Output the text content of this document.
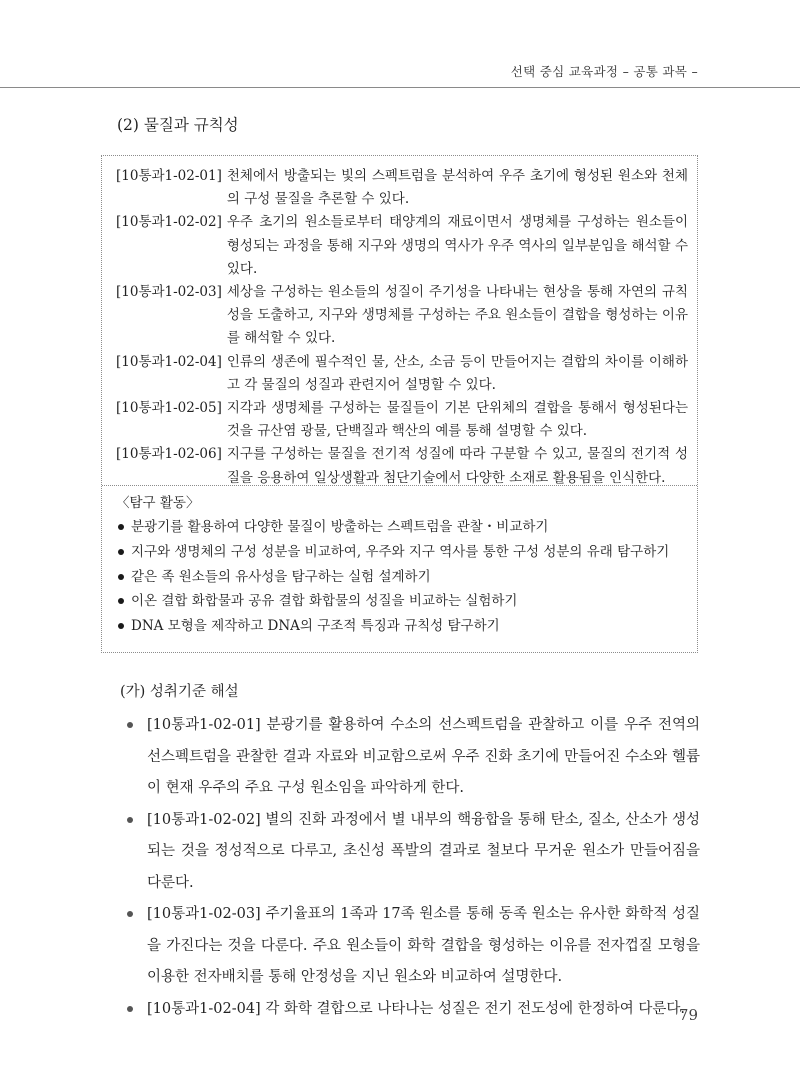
선택 중심 교육과정 – 공통 과목 –
(2) 물질과 규칙성
[10통과1-02-01] 천체에서 방출되는 빛의 스펙트럼을 분석하여 우주 초기에 형성된 원소와 천체의 구성 물질을 추론할 수 있다.
[10통과1-02-02] 우주 초기의 원소들로부터 태양계의 재료이면서 생명체를 구성하는 원소들이 형성되는 과정을 통해 지구와 생명의 역사가 우주 역사의 일부분임을 해석할 수 있다.
[10통과1-02-03] 세상을 구성하는 원소들의 성질이 주기성을 나타내는 현상을 통해 자연의 규칙성을 도출하고, 지구와 생명체를 구성하는 주요 원소들이 결합을 형성하는 이유를 해석할 수 있다.
[10통과1-02-04] 인류의 생존에 필수적인 물, 산소, 소금 등이 만들어지는 결합의 차이를 이해하고 각 물질의 성질과 관련지어 설명할 수 있다.
[10통과1-02-05] 지각과 생명체를 구성하는 물질들이 기본 단위체의 결합을 통해서 형성된다는 것을 규산염 광물, 단백질과 핵산의 예를 통해 설명할 수 있다.
[10통과1-02-06] 지구를 구성하는 물질을 전기적 성질에 따라 구분할 수 있고, 물질의 전기적 성질을 응용하여 일상생활과 첨단기술에서 다양한 소재로 활용됨을 인식한다.
〈탐구 활동〉
분광기를 활용하여 다양한 물질이 방출하는 스펙트럼을 관찰・비교하기
지구와 생명체의 구성 성분을 비교하여, 우주와 지구 역사를 통한 구성 성분의 유래 탐구하기
같은 족 원소들의 유사성을 탐구하는 실험 설계하기
이온 결합 화합물과 공유 결합 화합물의 성질을 비교하는 실험하기
DNA 모형을 제작하고 DNA의 구조적 특징과 규칙성 탐구하기
(가) 성취기준 해설
[10통과1-02-01] 분광기를 활용하여 수소의 선스펙트럼을 관찰하고 이를 우주 전역의 선스펙트럼을 관찰한 결과 자료와 비교함으로써 우주 진화 초기에 만들어진 수소와 헬륨이 현재 우주의 주요 구성 원소임을 파악하게 한다.
[10통과1-02-02] 별의 진화 과정에서 별 내부의 핵융합을 통해 탄소, 질소, 산소가 생성되는 것을 정성적으로 다루고, 초신성 폭발의 결과로 철보다 무거운 원소가 만들어짐을 다룬다.
[10통과1-02-03] 주기율표의 1족과 17족 원소를 통해 동족 원소는 유사한 화학적 성질을 가진다는 것을 다룬다. 주요 원소들이 화학 결합을 형성하는 이유를 전자껍질 모형을 이용한 전자배치를 통해 안정성을 지닌 원소와 비교하여 설명한다.
[10통과1-02-04] 각 화학 결합으로 나타나는 성질은 전기 전도성에 한정하여 다룬다.
79
